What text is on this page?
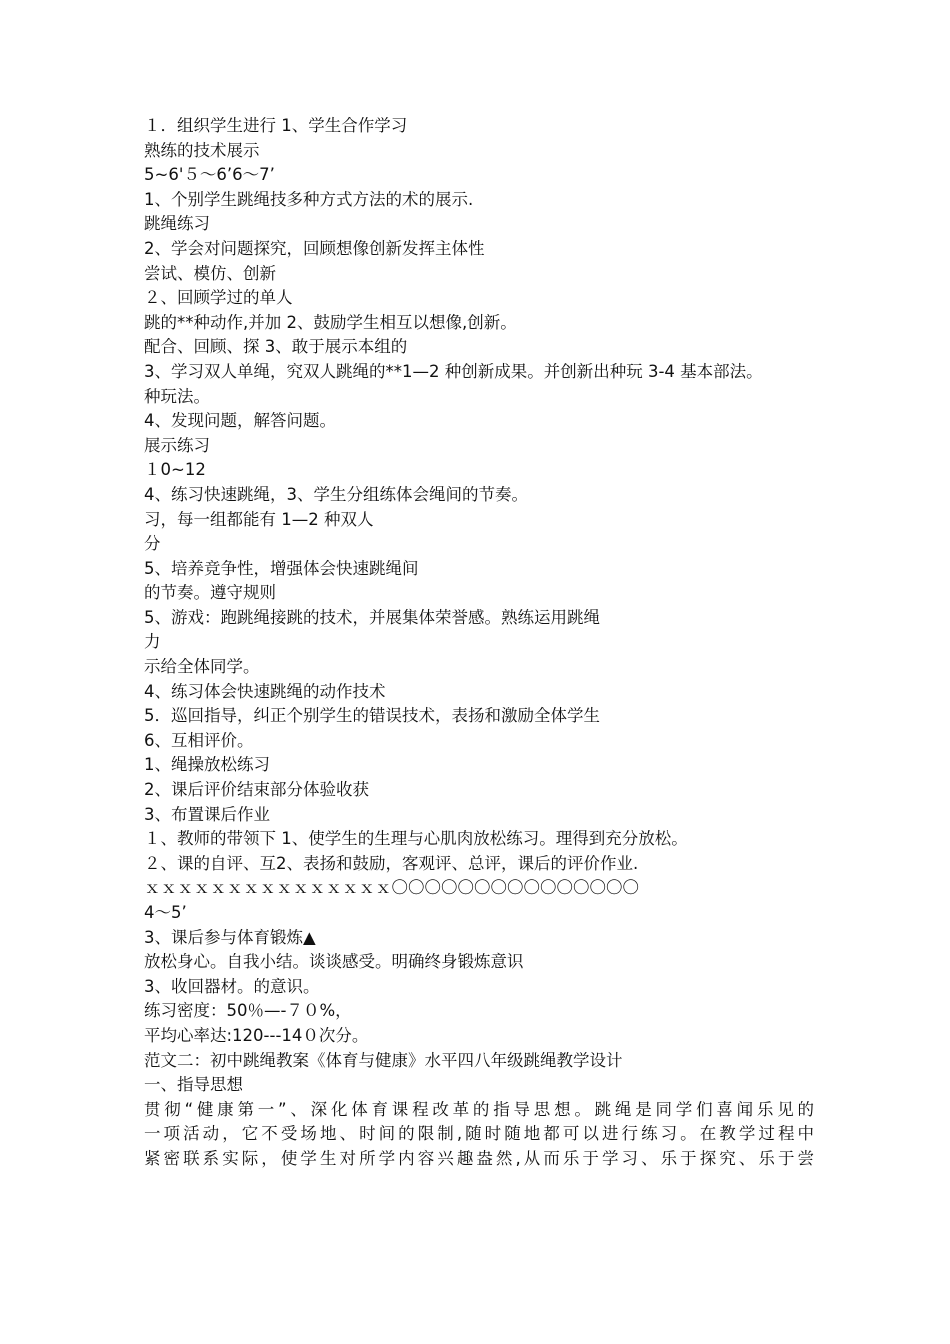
１．组织学生进行 1、学生合作学习

熟练的技术展示

5~6'５～6’6～7’

1、个别学生跳绳技多种方式方法的术的展示.

跳绳练习

2、学会对问题探究，回顾想像创新发挥主体性

尝试、模仿、创新

２、回顾学过的单人

跳的**种动作,并加 2、鼓励学生相互以想像,创新。

配合、回顾、探 3、敢于展示本组的

3、学习双人单绳，究双人跳绳的**1—2 种创新成果。并创新出种玩 3-4 基本部法。

种玩法。

4、发现问题，解答问题。

展示练习

１0~12

4、练习快速跳绳，3、学生分组练体会绳间的节奏。

习，每一组都能有 1—2 种双人

分

5、培养竞争性，增强体会快速跳绳间

的节奏。遵守规则

5、游戏：跑跳绳接跳的技术，并展集体荣誉感。熟练运用跳绳

力

示给全体同学。

4、练习体会快速跳绳的动作技术

5．巡回指导，纠正个别学生的错误技术，表扬和激励全体学生

6、互相评价。

1、绳操放松练习

2、课后评价结束部分体验收获

3、布置课后作业

１、教师的带领下 1、使学生的生理与心肌肉放松练习。理得到充分放松。

２、课的自评、互2、表扬和鼓励，客观评、总评，课后的评价作业.

ｘｘｘｘｘｘｘｘｘｘｘｘｘｘｘ〇〇〇〇〇〇〇〇〇〇〇〇〇〇〇

4～5’

3、课后参与体育锻炼▲

放松身心。自我小结。谈谈感受。明确终身锻炼意识

3、收回器材。的意识。

练习密度：50％—-７０%，

平均心率达:120---14０次分。

范文二：初中跳绳教案《体育与健康》水平四八年级跳绳教学设计

一、指导思想

贯彻“健康第一”、深化体育课程改革的指导思想。跳绳是同学们喜闻乐见的

一项活动，它不受场地、时间的限制,随时随地都可以进行练习。在教学过程中

紧密联系实际，使学生对所学内容兴趣盎然,从而乐于学习、乐于探究、乐于尝
